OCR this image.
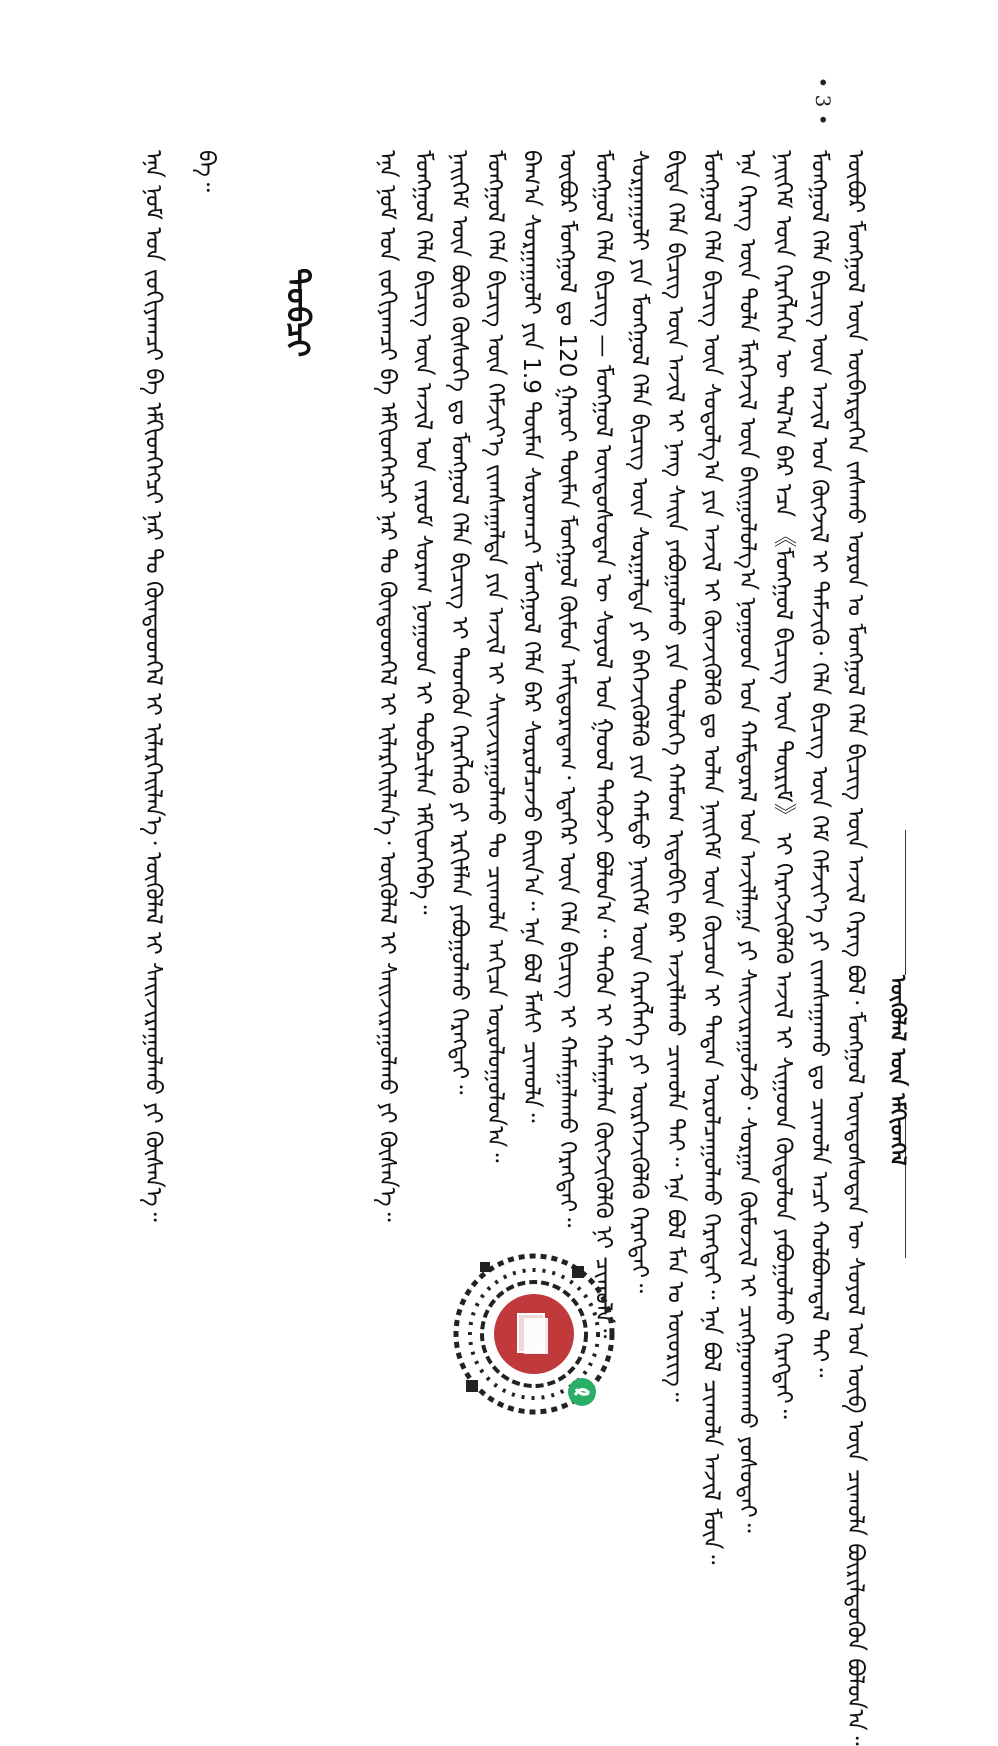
• 3 •
ᠦᠭᠦᠯᠡᠯ ᠦᠨ ᠡᠮᠬᠢᠳᠬᠡᠯ
ᠥᠪᠦᠷ ᠮᠣᠩᠭᠣᠯ ᠦᠨ ᠥᠪᠡᠷᠲᠡᠭᠡᠨ ᠵᠠᠰᠠᠬᠤ ᠣᠷᠤᠨ ᠤ ᠮᠣᠩᠭᠣᠯ ᠬᠡᠯᠡ ᠪᠢᠴᠢᠭ ᠦᠨ ᠠᠵᠢᠯ ᠬᠡᠷᠡᠭ ᠪᠣᠯ᠂ ᠮᠣᠩᠭᠣᠯ ᠦᠨᠳᠦᠰᠦᠲᠡᠨ ᠦ ᠰᠣᠶᠣᠯ ᠤᠨ ᠥᠪ ᠦᠨ ᠴᠢᠬᠤᠯᠠ ᠪᠦᠷᠢᠯᠳᠦᠬᠦᠨ ᠪᠣᠯᠤᠨ᠎ᠠ᠃
ᠮᠣᠩᠭᠣᠯ ᠬᠡᠯᠡ ᠪᠢᠴᠢᠭ ᠦᠨ ᠠᠵᠢᠯ ᠤᠨ ᠬᠥᠭᠵᠢᠯ ᠢ ᠳᠡᠮᠵᠢᠬᠦ᠂ ᠬᠡᠯᠡ ᠪᠢᠴᠢᠭ ᠦᠨ ᠬᠡᠮ ᠬᠡᠮᠵᠢᠶ᠎ᠡ ᠶᠢ ᠵᠢᠭᠰᠠᠭᠠᠬᠤ ᠳᠤ ᠴᠢᠬᠤᠯᠠ ᠠᠴᠢ ᠬᠣᠯᠪᠣᠭᠳᠠᠯ ᠲᠠᠢ᠃
ᠨᠡᠢᠭᠡᠮ ᠦᠨ ᠬᠡᠷᠡᠭᠯᠡᠭᠡᠨ ᠦ ᠲᠠᠯ᠎ᠠ ᠪᠡᠷ ᠡᠴᠡ 《ᠮᠣᠩᠭᠣᠯ ᠪᠢᠴᠢᠭ ᠦᠨ ᠳᠦᠷᠢᠮ》 ᠢ ᠬᠡᠷᠡᠭᠵᠢᠭᠦᠯᠬᠦ ᠠᠵᠢᠯ ᠢ ᠰᠢᠭᠤᠳ ᠬᠥᠲᠦᠯᠦᠨ ᠶᠠᠪᠤᠭᠤᠯᠬᠤ ᠬᠡᠷᠡᠭᠲᠡᠢ᠃
ᠡᠨᠡ ᠬᠡᠷᠡᠭ ᠦᠨ ᠲᠤᠯᠠ ᠮᠡᠷᠭᠡᠵᠢᠯ ᠦᠨ ᠪᠠᠢᠭᠤᠯᠤᠯᠭ᠎ᠠ ᠨᠤᠭᠤᠳ ᠤᠨ ᠬᠠᠮᠲᠤᠷᠠᠯ ᠤᠨ ᠠᠵᠢᠯᠯᠠᠭᠠ ᠶᠢ ᠰᠠᠢᠵᠢᠷᠠᠭᠤᠯᠵᠤ᠂ ᠰᠤᠷᠭᠠᠨ ᠬᠦᠮᠦᠵᠢᠯ ᠢ ᠴᠢᠩᠭᠠᠳᠬᠠᠬᠤ ᠶᠣᠰᠣᠲᠠᠢ᠃
ᠮᠣᠩᠭᠣᠯ ᠬᠡᠯᠡ ᠪᠢᠴᠢᠭ ᠦᠨ ᠰᠤᠳᠤᠯᠭ᠎ᠠ ᠶᠢᠨ ᠠᠵᠢᠯ ᠢ ᠭᠦᠨᠵᠢᠭᠦᠯᠬᠦ ᠳᠤ ᠣᠯᠠᠨ ᠨᠡᠢᠭᠡᠮ ᠦᠨ ᠬᠦᠴᠦᠨ ᠢ ᠲᠠᠲᠠᠨ ᠣᠷᠤᠯᠴᠠᠭᠤᠯᠬᠤ ᠬᠡᠷᠡᠭᠲᠡᠢ᠃ ᠡᠨᠡ ᠪᠣᠯ ᠴᠢᠬᠤᠯᠠ ᠠᠵᠢᠯ ᠮᠥᠨ᠃
ᠪᠢᠳᠡ ᠬᠡᠯᠡ ᠪᠢᠴᠢᠭ ᠦᠨ ᠠᠵᠢᠯ ᠢ ᠨᠡᠩ ᠰᠠᠢᠨ ᠶᠠᠪᠤᠭᠤᠯᠬᠤ ᠶᠢᠨ ᠲᠥᠯᠦᠭᠡ ᠬᠠᠮᠤᠭ ᠢᠳᠡᠪᠬᠢ ᠪᠡᠷ ᠠᠵᠢᠯᠯᠠᠬᠤ ᠴᠢᠬᠤᠯᠠ ᠲᠠᠢ᠃ ᠡᠨᠡ ᠪᠣᠯ ᠮᠠᠨ ᠤ ᠦᠦᠷᠢᠭ᠃
ᠰᠤᠷᠭᠠᠭᠤᠯᠢ ᠶᠢᠨ ᠮᠣᠩᠭᠣᠯ ᠬᠡᠯᠡ ᠪᠢᠴᠢᠭ ᠦᠨ ᠰᠤᠷᠭᠠᠯᠲᠠ ᠶᠢ ᠪᠡᠬᠡᠵᠢᠭᠦᠯᠬᠦ ᠶᠢᠨ ᠬᠠᠮᠲᠤ ᠨᠡᠢᠭᠡᠮ ᠦᠨ ᠬᠡᠷᠡᠭᠯᠡᠭᠡ ᠶᠢ ᠥᠷᠭᠡᠵᠢᠭᠦᠯᠬᠦ ᠬᠡᠷᠡᠭᠲᠡᠢ᠃
ᠮᠣᠩᠭᠣᠯ ᠬᠡᠯᠡ ᠪᠢᠴᠢᠭ — ᠮᠣᠩᠭᠣᠯ ᠦᠨᠳᠦᠰᠦᠲᠡᠨ ᠦ ᠰᠣᠶᠣᠯ ᠤᠨ ᠭᠣᠣᠯ ᠲᠡᠭᠦᠵᠢ ᠪᠣᠯᠤᠨ᠎ᠠ᠃ ᠲᠡᠭᠦᠨ ᠢ ᠬᠠᠮᠠᠭᠠᠯᠠᠨ ᠬᠥᠭᠵᠢᠭᠦᠯᠬᠦ ᠨᠢ ᠴᠢᠬᠤᠯᠠ᠃
ᠥᠪᠦᠷ ᠮᠣᠩᠭᠣᠯ ᠳᠤ 120 ᠭᠠᠷᠤᠢ ᠲᠦᠮᠡᠨ ᠮᠣᠩᠭᠣᠯ ᠬᠥᠮᠦᠨ ᠠᠮᠢᠳᠤᠷᠠᠳᠠᠭ᠂ ᠡᠳᠡᠭᠡᠷ ᠦᠨ ᠬᠡᠯᠡ ᠪᠢᠴᠢᠭ ᠢ ᠬᠠᠮᠠᠭᠠᠯᠠᠬᠤ ᠬᠡᠷᠡᠭᠲᠡᠢ᠃
ᠪᠠᠭ᠎ᠠ ᠰᠤᠷᠭᠠᠭᠤᠯᠢ ᠶᠢᠨ 1.9 ᠲᠦᠮᠡᠨ ᠰᠤᠷᠤᠭᠴᠢ ᠮᠣᠩᠭᠣᠯ ᠬᠡᠯᠡ ᠪᠡᠷ ᠰᠤᠷᠤᠯᠴᠠᠵᠤ ᠪᠠᠢᠨ᠎ᠠ᠃ ᠡᠨᠡ ᠪᠣᠯ ᠮᠠᠰᠢ ᠴᠢᠬᠤᠯᠠ᠃
ᠮᠣᠩᠭᠣᠯ ᠬᠡᠯᠡ ᠪᠢᠴᠢᠭ ᠦᠨ ᠬᠡᠮᠵᠢᠶ᠎ᠡ ᠵᠢᠭᠰᠠᠭᠠᠯᠲᠠ ᠶᠢᠨ ᠠᠵᠢᠯ ᠢ ᠰᠠᠢᠵᠢᠷᠠᠭᠤᠯᠬᠤ ᠲᠤ ᠴᠢᠬᠤᠯᠠ ᠠᠬᠢᠴᠠ ᠤᠷᠤᠯᠤᠭᠤᠯᠤᠨ᠎ᠠ᠃
ᠨᠡᠢᠭᠡᠮ ᠦᠨ ᠪᠦᠬᠦ ᠬᠦᠰᠦᠭᠡ ᠳᠤ ᠮᠣᠩᠭᠣᠯ ᠬᠡᠯᠡ ᠪᠢᠴᠢᠭ ᠢ ᠲᠡᠳᠭᠦᠨ ᠬᠡᠷᠡᠭᠯᠡᠬᠦ ᠶᠢ ᠡᠷᠬᠢᠮᠯᠡᠨ ᠶᠠᠪᠤᠭᠤᠯᠬᠤ ᠬᠡᠷᠡᠭᠲᠡᠢ᠃
ᠮᠣᠩᠭᠣᠯ ᠬᠡᠯᠡ ᠪᠢᠴᠢᠭ ᠦᠨ ᠠᠵᠢᠯ ᠤᠨ ᠵᠠᠷᠤᠮ ᠰᠤᠷᠠᠭ ᠨᠤᠭᠤᠳ ᠢ ᠲᠣᠪᠴᠢᠯᠠᠨ ᠡᠮᠬᠢᠳᠭᠡᠪᠡ᠃
ᠡᠨᠡ ᠨᠣᠮ ᠤᠨ ᠵᠣᠬᠢᠶᠠᠭᠴᠢ ᠪᠠ ᠡᠮᠬᠢᠳᠬᠡᠭᠴᠢ ᠨᠠᠷ ᠲᠤ ᠬᠦᠨᠳᠦᠳᠬᠡᠯ ᠢ ᠢᠯᠡᠷᠬᠡᠢᠯᠡᠨ᠎ᠡ᠂ ᠥᠭᠦᠯᠡᠯ ᠢ ᠰᠠᠢᠵᠢᠷᠠᠭᠤᠯᠬᠤ ᠶᠢ ᠬᠦᠰᠡᠨ᠎ᠡ᠃
ᠲᠣᠪᠴᠢ
ᠪᠠ᠃
ᠡᠨᠡ ᠨᠣᠮ ᠤᠨ ᠵᠣᠬᠢᠶᠠᠭᠴᠢ ᠪᠠ ᠡᠮᠬᠢᠳᠬᠡᠭᠴᠢ ᠨᠠᠷ ᠲᠤ ᠬᠦᠨᠳᠦᠳᠬᠡᠯ ᠢ ᠢᠯᠡᠷᠬᠡᠢᠯᠡᠨ᠎ᠡ᠂ ᠥᠭᠦᠯᠡᠯ ᠢ ᠰᠠᠢᠵᠢᠷᠠᠭᠤᠯᠬᠤ ᠶᠢ ᠬᠦᠰᠡᠨ᠎ᠡ᠃
